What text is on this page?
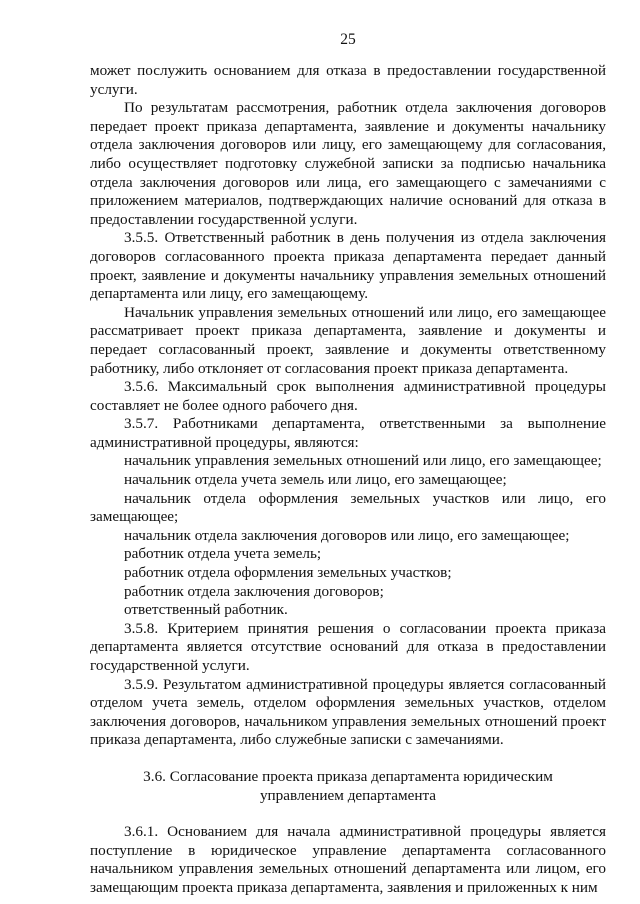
25

может послужить основанием для отказа в предоставлении государственной услуги.

По результатам рассмотрения, работник отдела заключения договоров передает проект приказа департамента, заявление и документы начальнику отдела заключения договоров или лицу, его замещающему для согласования, либо осуществляет подготовку служебной записки за подписью начальника отдела заключения договоров или лица, его замещающего с замечаниями с приложением материалов, подтверждающих наличие оснований для отказа в предоставлении государственной услуги.

3.5.5. Ответственный работник в день получения из отдела заключения договоров согласованного проекта приказа департамента передает данный проект, заявление и документы начальнику управления земельных отношений департамента или лицу, его замещающему.

Начальник управления земельных отношений или лицо, его замещающее рассматривает проект приказа департамента, заявление и документы и передает согласованный проект, заявление и документы ответственному работнику, либо отклоняет от согласования проект приказа департамента.

3.5.6. Максимальный срок выполнения административной процедуры составляет не более одного рабочего дня.

3.5.7. Работниками департамента, ответственными за выполнение административной процедуры, являются:

начальник управления земельных отношений или лицо, его замещающее;

начальник отдела учета земель или лицо, его замещающее;

начальник отдела оформления земельных участков или лицо, его замещающее;

начальник отдела заключения договоров или лицо, его замещающее;

работник отдела учета земель;

работник отдела оформления земельных участков;

работник отдела заключения договоров;

ответственный работник.

3.5.8. Критерием принятия решения о согласовании проекта приказа департамента является отсутствие оснований для отказа в предоставлении государственной услуги.

3.5.9. Результатом административной процедуры является согласованный отделом учета земель, отделом оформления земельных участков, отделом заключения договоров, начальником управления земельных отношений проект приказа департамента, либо служебные записки с замечаниями.

3.6. Согласование проекта приказа департамента юридическим управлением департамента

3.6.1. Основанием для начала административной процедуры является поступление в юридическое управление департамента согласованного начальником управления земельных отношений департамента или лицом, его замещающим проекта приказа департамента, заявления и приложенных к ним
